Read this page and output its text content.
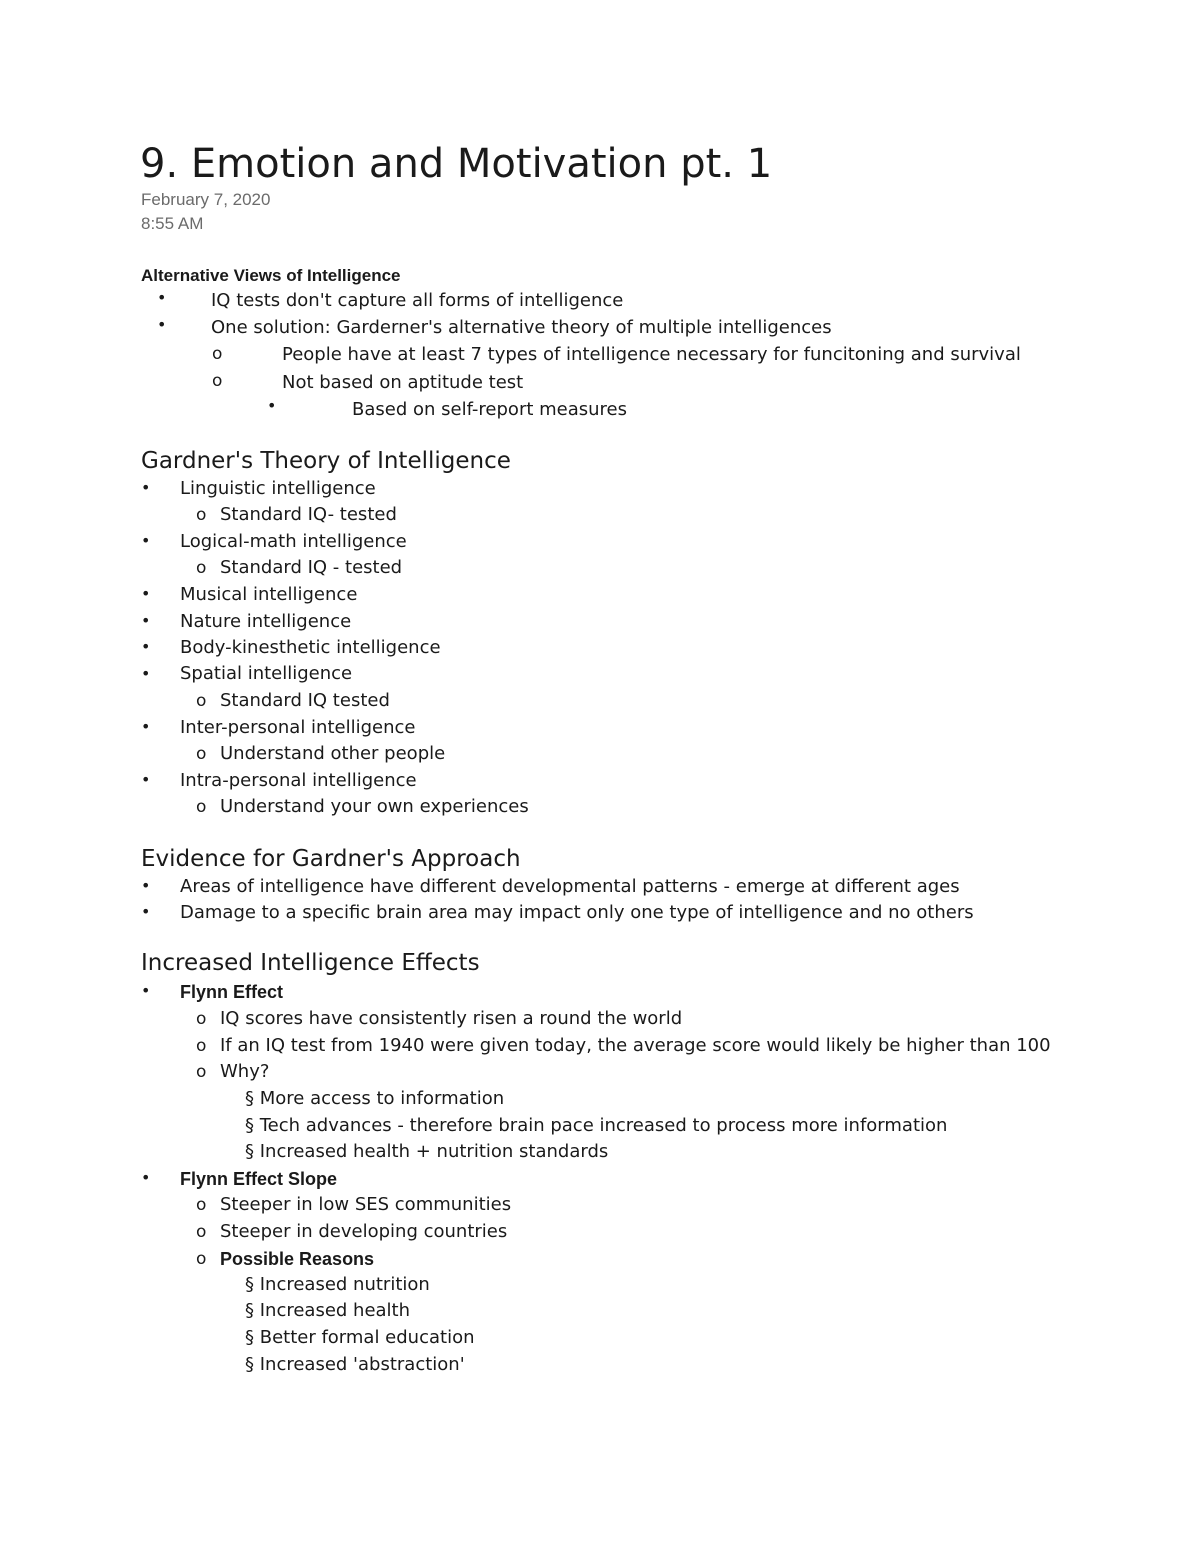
9. Emotion and Motivation pt. 1
February 7, 2020
8:55 AM
Alternative Views of Intelligence
• IQ tests don't capture all forms of intelligence
• One solution: Garderner's alternative theory of multiple intelligences
o	People have at least 7 types of intelligence necessary for funcitoning and survival
o	Not based on aptitude test
•	Based on self-report measures
Gardner's Theory of Intelligence
• Linguistic intelligence
o Standard IQ- tested
• Logical-math intelligence
o Standard IQ - tested
• Musical intelligence
• Nature intelligence
• Body-kinesthetic intelligence
• Spatial intelligence
o Standard IQ tested
• Inter-personal intelligence
o Understand other people
• Intra-personal intelligence
o Understand your own experiences
Evidence for Gardner's Approach
• Areas of intelligence have different developmental patterns - emerge at different ages
• Damage to a specific brain area may impact only one type of intelligence and no others
Increased Intelligence Effects
• Flynn Effect
o IQ scores have consistently risen a round the world
o If an IQ test from 1940 were given today, the average score would likely be higher than 100
o Why?
§ More access to information
§ Tech advances - therefore brain pace increased to process more information
§ Increased health + nutrition standards
• Flynn Effect Slope
o Steeper in low SES communities
o Steeper in developing countries
o Possible Reasons
§ Increased nutrition
§ Increased health
§ Better formal education
§ Increased 'abstraction'
